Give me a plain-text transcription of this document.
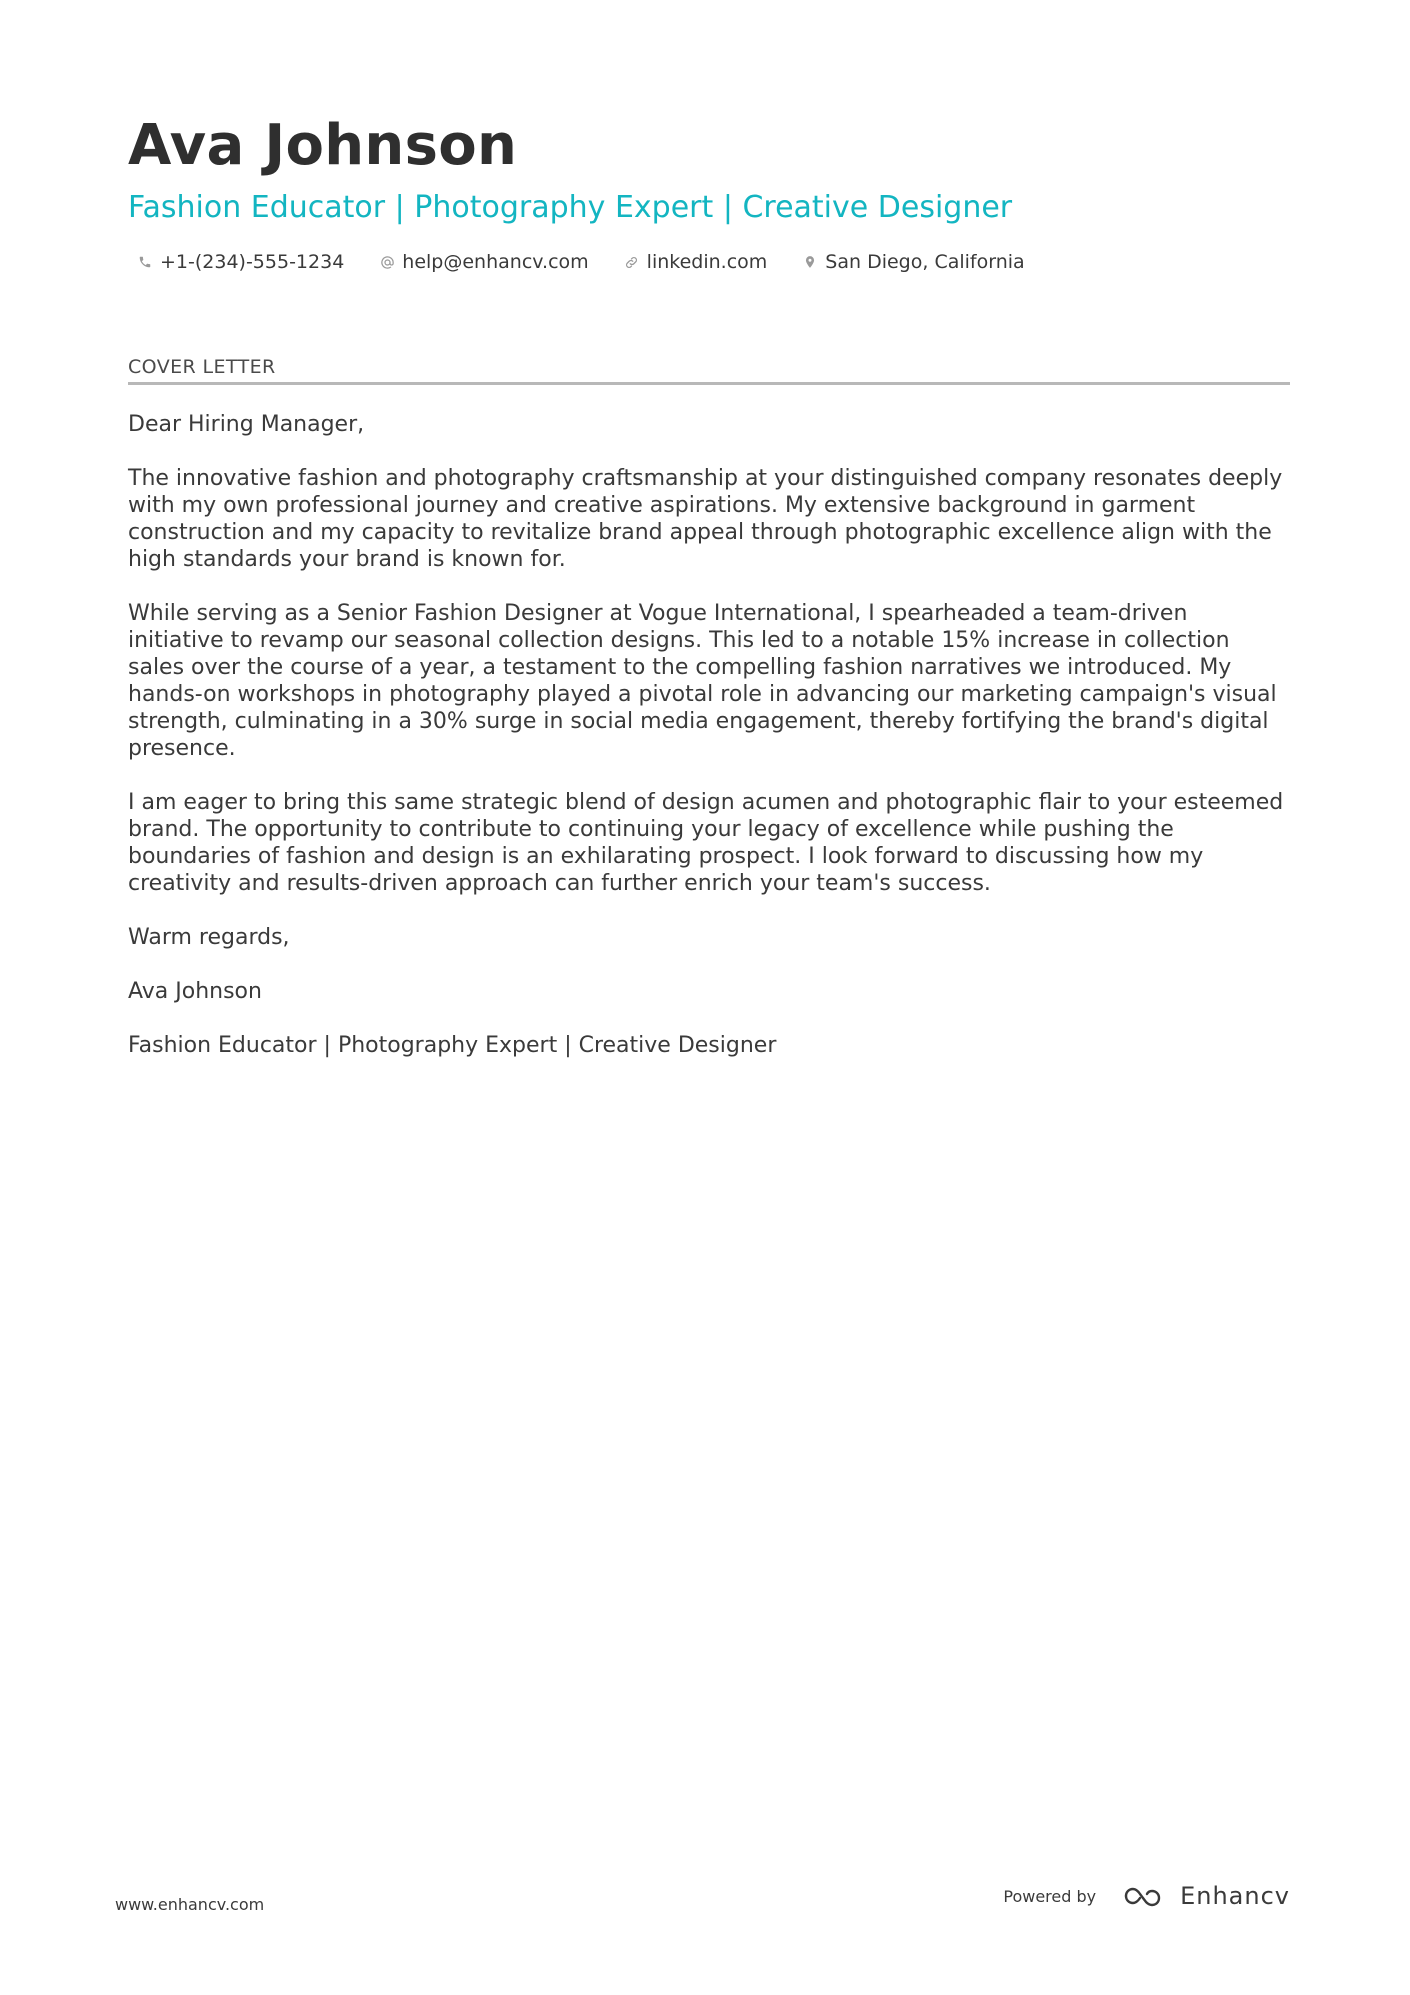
Ava Johnson
Fashion Educator | Photography Expert | Creative Designer
+1-(234)-555-1234	help@enhancv.com	linkedin.com	San Diego, California
COVER LETTER

Dear Hiring Manager,

The innovative fashion and photography craftsmanship at your distinguished company resonates deeply with my own professional journey and creative aspirations. My extensive background in garment construction and my capacity to revitalize brand appeal through photographic excellence align with the high standards your brand is known for.

While serving as a Senior Fashion Designer at Vogue International, I spearheaded a team-driven initiative to revamp our seasonal collection designs. This led to a notable 15% increase in collection sales over the course of a year, a testament to the compelling fashion narratives we introduced. My hands-on workshops in photography played a pivotal role in advancing our marketing campaign's visual strength, culminating in a 30% surge in social media engagement, thereby fortifying the brand's digital presence.

I am eager to bring this same strategic blend of design acumen and photographic flair to your esteemed brand. The opportunity to contribute to continuing your legacy of excellence while pushing the boundaries of fashion and design is an exhilarating prospect. I look forward to discussing how my creativity and results-driven approach can further enrich your team's success.

Warm regards,

Ava Johnson

Fashion Educator | Photography Expert | Creative Designer

www.enhancv.com	Powered by	Enhancv
